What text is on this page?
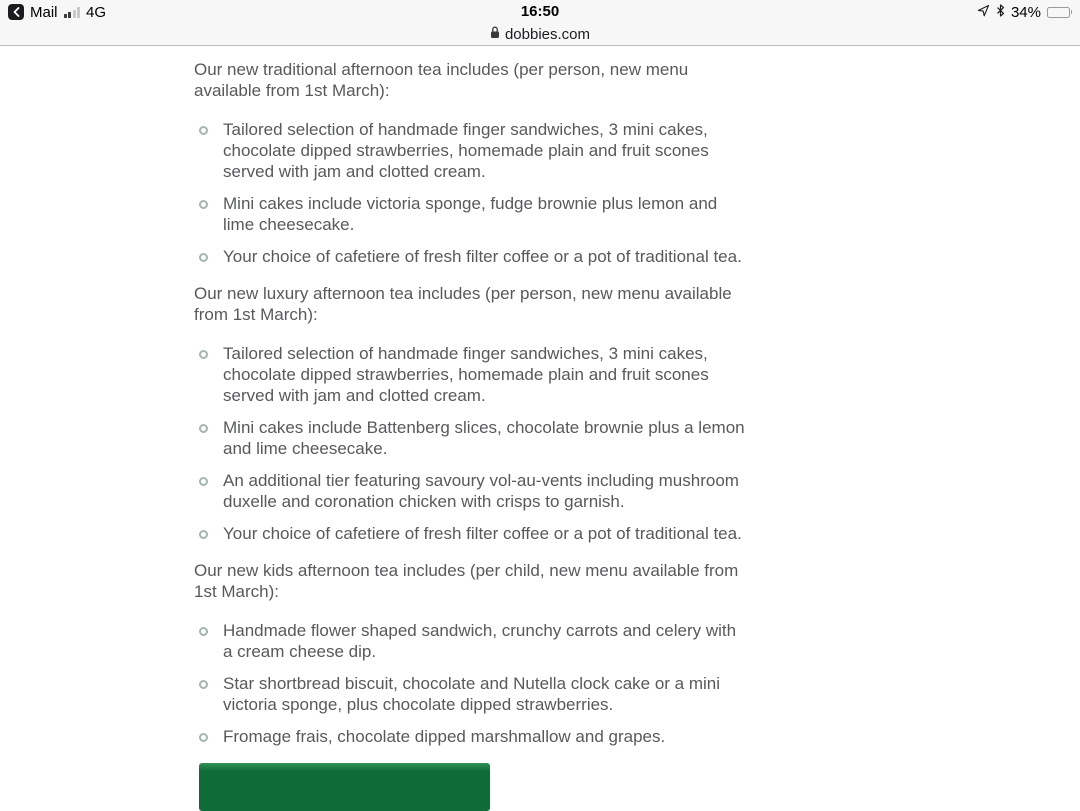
Mail 4G	16:50	34%
dobbies.com

Our new traditional afternoon tea includes (per person, new menu available from 1st March):

Tailored selection of handmade finger sandwiches, 3 mini cakes, chocolate dipped strawberries, homemade plain and fruit scones served with jam and clotted cream.
Mini cakes include victoria sponge, fudge brownie plus lemon and lime cheesecake.
Your choice of cafetiere of fresh filter coffee or a pot of traditional tea.

Our new luxury afternoon tea includes (per person, new menu available from 1st March):

Tailored selection of handmade finger sandwiches, 3 mini cakes, chocolate dipped strawberries, homemade plain and fruit scones served with jam and clotted cream.
Mini cakes include Battenberg slices, chocolate brownie plus a lemon and lime cheesecake.
An additional tier featuring savoury vol-au-vents including mushroom duxelle and coronation chicken with crisps to garnish.
Your choice of cafetiere of fresh filter coffee or a pot of traditional tea.

Our new kids afternoon tea includes (per child, new menu available from 1st March):

Handmade flower shaped sandwich, crunchy carrots and celery with a cream cheese dip.
Star shortbread biscuit, chocolate and Nutella clock cake or a mini victoria sponge, plus chocolate dipped strawberries.
Fromage frais, chocolate dipped marshmallow and grapes.
